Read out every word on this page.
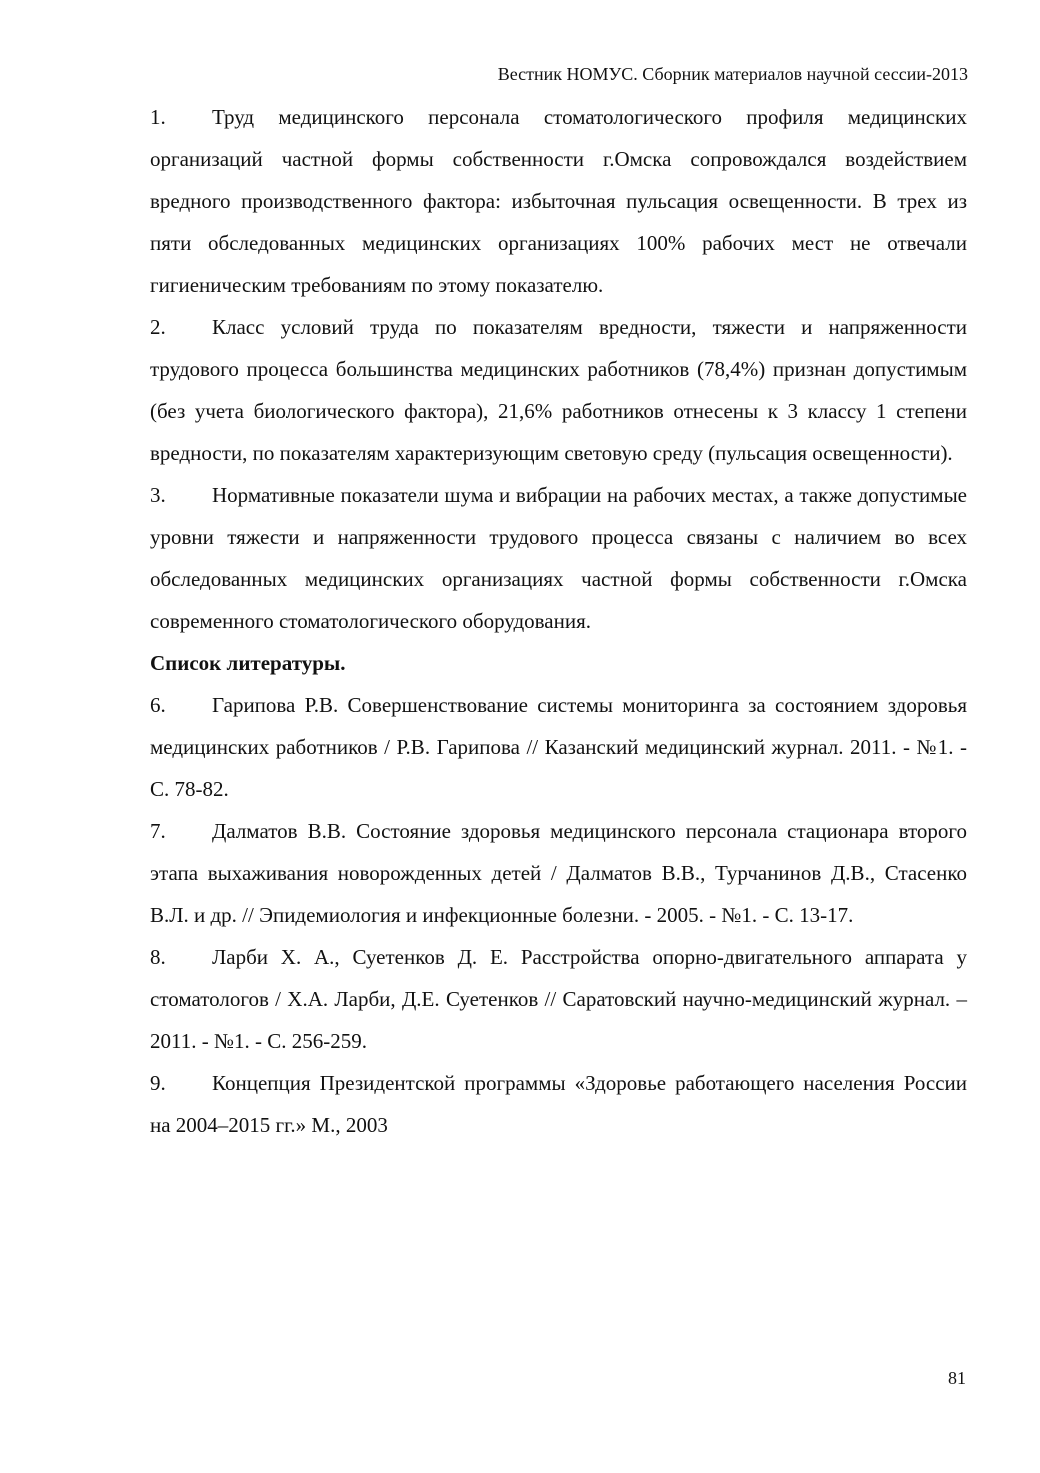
Вестник НОМУС. Сборник материалов научной сессии-2013

1. Труд медицинского персонала стоматологического профиля медицинских организаций частной формы собственности г.Омска сопровождался воздействием вредного производственного фактора: избыточная пульсация освещенности. В трех из пяти обследованных медицинских организациях 100% рабочих мест не отвечали гигиеническим требованиям по этому показателю.

2. Класс условий труда по показателям вредности, тяжести и напряженности трудового процесса большинства медицинских работников (78,4%) признан допустимым (без учета биологического фактора), 21,6% работников отнесены к 3 классу 1 степени вредности, по показателям характеризующим световую среду (пульсация освещенности).

3. Нормативные показатели шума и вибрации на рабочих местах, а также допустимые уровни тяжести и напряженности трудового процесса связаны с наличием во всех обследованных медицинских организациях частной формы собственности г.Омска современного стоматологического оборудования.

Список литературы.

6. Гарипова Р.В. Совершенствование системы мониторинга за состоянием здоровья медицинских работников / Р.В. Гарипова // Казанский медицинский журнал. 2011. - №1. - С. 78-82.

7. Далматов В.В. Состояние здоровья медицинского персонала стационара второго этапа выхаживания новорожденных детей / Далматов В.В., Турчанинов Д.В., Стасенко В.Л. и др. // Эпидемиология и инфекционные болезни. - 2005. - №1. - С. 13-17.

8. Ларби Х. А., Суетенков Д. Е. Расстройства опорно-двигательного аппарата у стоматологов / Х.А. Ларби, Д.Е. Суетенков // Саратовский научно-медицинский журнал. – 2011. - №1. - С. 256-259.

9. Концепция Президентской программы «Здоровье работающего населения России на 2004–2015 гг.» М., 2003

81
